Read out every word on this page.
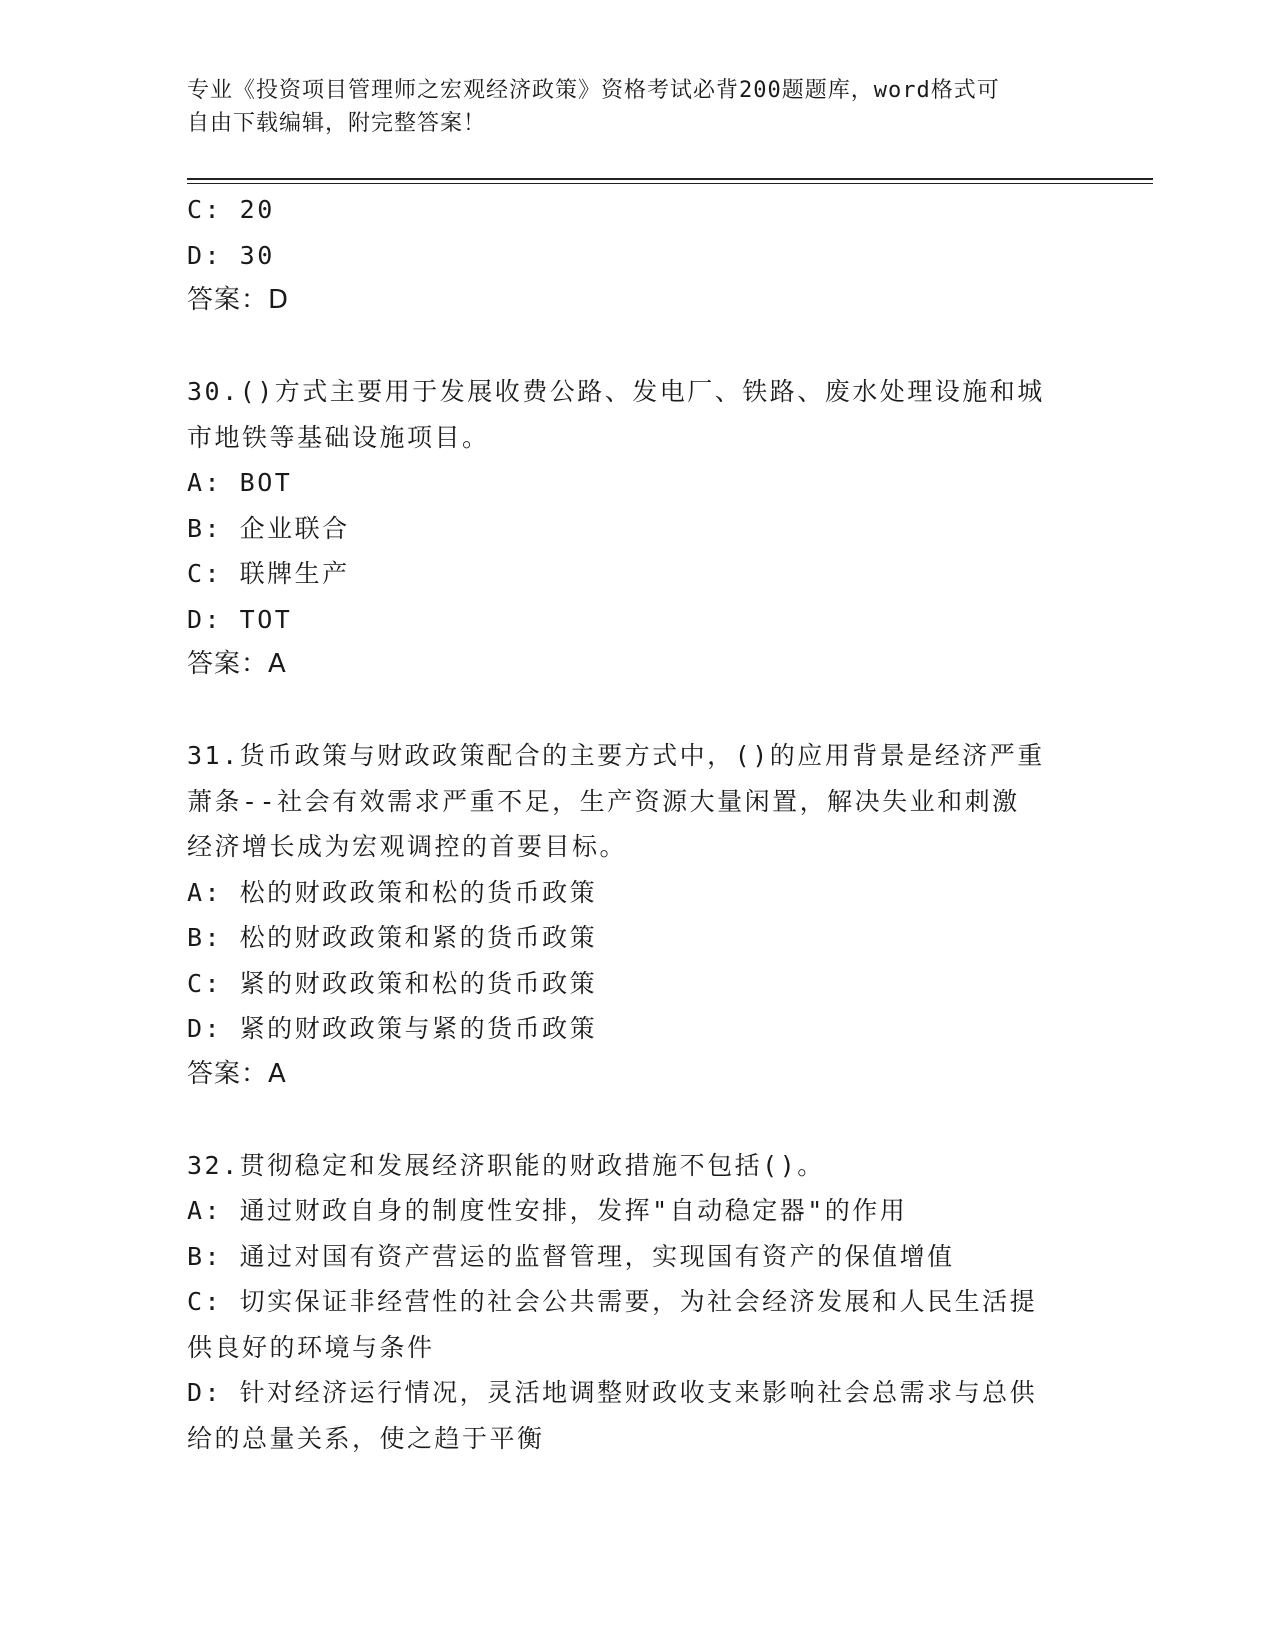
专业《投资项目管理师之宏观经济政策》资格考试必背200题题库，word格式可
自由下载编辑，附完整答案！
C: 20
D: 30
答案：D
30.()方式主要用于发展收费公路、发电厂、铁路、废水处理设施和城
市地铁等基础设施项目。
A: BOT
B: 企业联合
C: 联牌生产
D: TOT
答案：A
31.货币政策与财政政策配合的主要方式中，()的应用背景是经济严重
萧条--社会有效需求严重不足，生产资源大量闲置，解决失业和刺激
经济增长成为宏观调控的首要目标。
A: 松的财政政策和松的货币政策
B: 松的财政政策和紧的货币政策
C: 紧的财政政策和松的货币政策
D: 紧的财政政策与紧的货币政策
答案：A
32.贯彻稳定和发展经济职能的财政措施不包括()。
A: 通过财政自身的制度性安排，发挥"自动稳定器"的作用
B: 通过对国有资产营运的监督管理，实现国有资产的保值增值
C: 切实保证非经营性的社会公共需要，为社会经济发展和人民生活提
供良好的环境与条件
D: 针对经济运行情况，灵活地调整财政收支来影响社会总需求与总供
给的总量关系，使之趋于平衡
